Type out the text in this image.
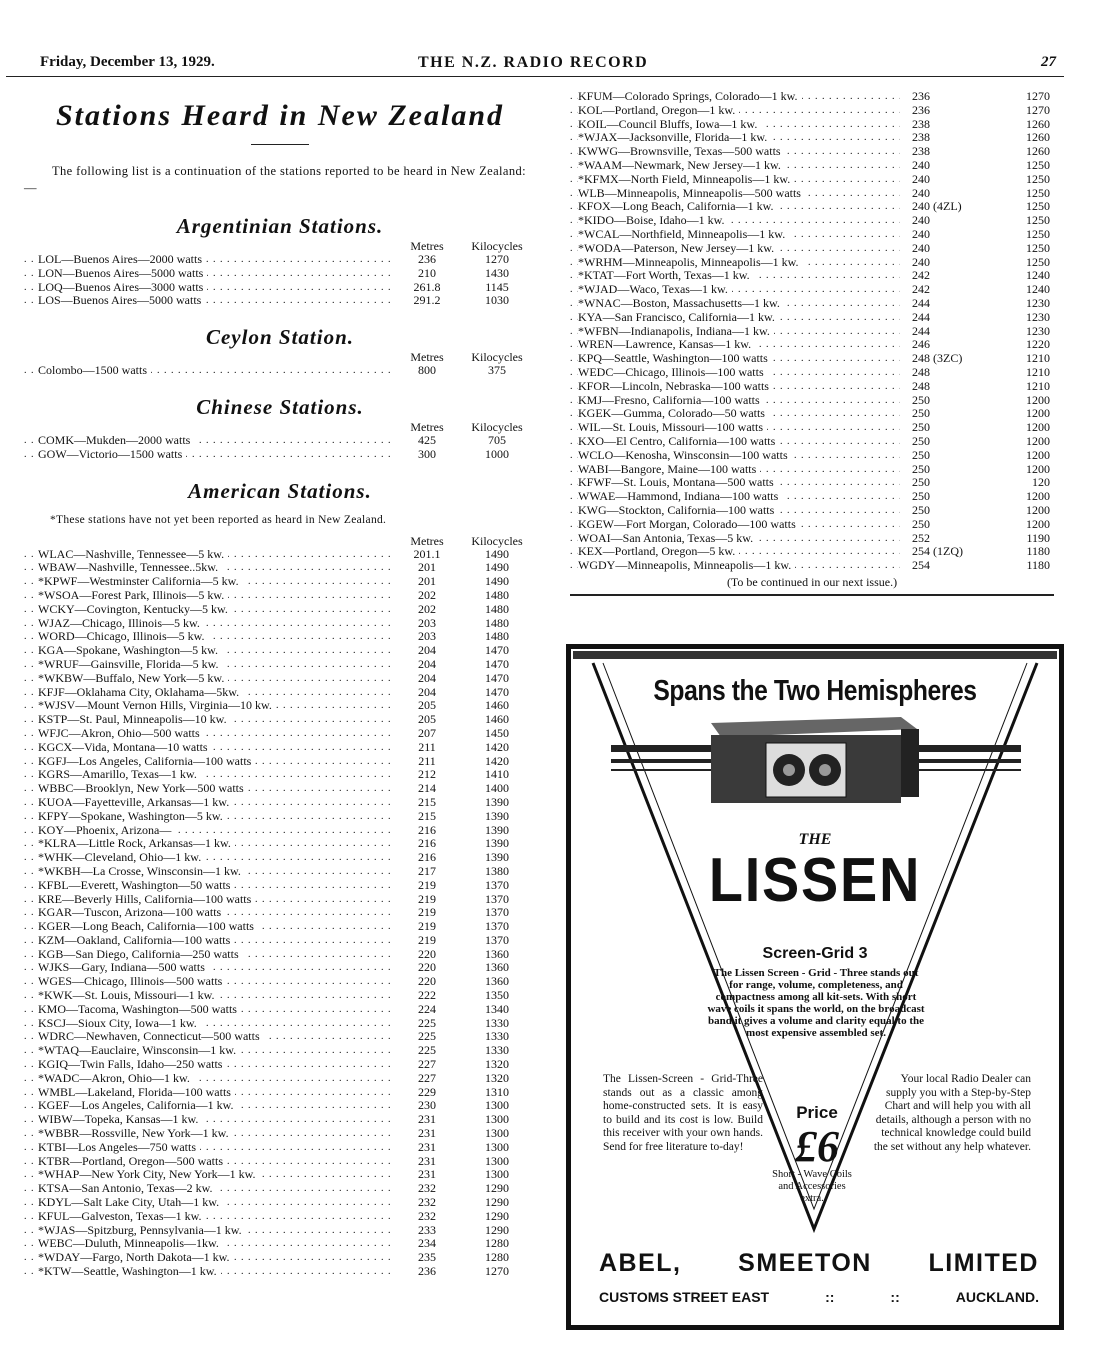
Friday, December 13, 1929.	THE N.Z. RADIO RECORD	27
Stations Heard in New Zealand
The following list is a continuation of the stations reported to be heard in New Zealand:—
Argentinian Stations.
Metres	Kilocycles
LOL—Buenos Aires—2000 watts . . .	236	1270
LON—Buenos Aires—5000 watts . . .	210	1430
LOQ—Buenos Aires—3000 watts . . .	261.8	1145
LOS—Buenos Aires—5000 watts . . .	291.2	1030
Ceylon Station.
Metres	Kilocycles
Colombo—1500 watts . . .	800	375
Chinese Stations.
Metres	Kilocycles
COMK—Mukden—2000 watts . . .	425	705
GOW—Victorio—1500 watts . . .	300	1000
American Stations.
*These stations have not yet been reported as heard in New Zealand.
Metres	Kilocycles
WLAC—Nashville, Tennessee—5 kw. . . .	201.1	1490
WBAW—Nashville, Tennessee..5kw. . . .	201	1490
*KPWF—Westminster California—5 kw. . . .	201	1490
*WSOA—Forest Park, Illinois—5 kw. . . .	202	1480
WCKY—Covington, Kentucky—5 kw. . . .	202	1480
WJAZ—Chicago, Illinois—5 kw. . . .	203	1480
WORD—Chicago, Illinois—5 kw. . . .	203	1480
KGA—Spokane, Washington—5 kw. . . .	204	1470
*WRUF—Gainsville, Florida—5 kw. . . .	204	1470
*WKBW—Buffalo, New York—5 kw. . . .	204	1470
KFJF—Oklahama City, Oklahama—5kw. . . .	204	1470
*WJSV—Mount Vernon Hills, Virginia—10 kw. . . .	205	1460
KSTP—St. Paul, Minneapolis—10 kw. . . .	205	1460
WFJC—Akron, Ohio—500 watts . . .	207	1450
KGCX—Vida, Montana—10 watts . . .	211	1420
KGFJ—Los Angeles, California—100 watts . . .	211	1420
KGRS—Amarillo, Texas—1 kw. . . .	212	1410
WBBC—Brooklyn, New York—500 watts . . .	214	1400
KUOA—Fayetteville, Arkansas—1 kw. . . .	215	1390
KFPY—Spokane, Washington—5 kw. . . .	215	1390
KOY—Phoenix, Arizona— . . .	216	1390
*KLRA—Little Rock, Arkansas—1 kw. . . .	216	1390
*WHK—Cleveland, Ohio—1 kw. . . .	216	1390
*WKBH—La Crosse, Winsconsin—1 kw. . . .	217	1380
KFBL—Everett, Washington—50 watts . . .	219	1370
KRE—Beverly Hills, California—100 watts . . .	219	1370
KGAR—Tuscon, Arizona—100 watts . . .	219	1370
KGER—Long Beach, California—100 watts . . .	219	1370
KZM—Oakland, California—100 watts . . .	219	1370
KGB—San Diego, California—250 watts . . .	220	1360
WJKS—Gary, Indiana—500 watts . . .	220	1360
WGES—Chicago, Illinois—500 watts . . .	220	1360
*KWK—St. Louis, Missouri—1 kw. . . .	222	1350
KMO—Tacoma, Washington—500 watts . . .	224	1340
KSCJ—Sioux City, Iowa—1 kw. . . .	225	1330
WDRC—Newhaven, Connecticut—500 watts . . .	225	1330
*WTAQ—Eauclaire, Winsconsin—1 kw. . . .	225	1330
KGIQ—Twin Falls, Idaho—250 watts . . .	227	1320
*WADC—Akron, Ohio—1 kw. . . .	227	1320
WMBL—Lakeland, Florida—100 watts . . .	229	1310
KGEF—Los Angeles, California—1 kw. . . .	230	1300
WIBW—Topeka, Kansas—1 kw. . . .	231	1300
*WBBR—Rossville, New York—1 kw. . . .	231	1300
KTBI—Los Angeles—750 watts . . .	231	1300
KTBR—Portland, Oregon—500 watts . . .	231	1300
*WHAP—New York City, New York—1 kw. . . .	231	1300
KTSA—San Antonio, Texas—2 kw. . . .	232	1290
KDYL—Salt Lake City, Utah—1 kw. . . .	232	1290
KFUL—Galveston, Texas—1 kw. . . .	232	1290
*WJAS—Spitzburg, Pennsylvania—1 kw. . . .	233	1290
WEBC—Duluth, Minneapolis—1kw. . . .	234	1280
*WDAY—Fargo, North Dakota—1 kw. . . .	235	1280
*KTW—Seattle, Washington—1 kw. . . .	236	1270
KFUM—Colorado Springs, Colorado—1 kw. . . .	236	1270
KOL—Portland, Oregon—1 kw. . . .	236	1270
KOIL—Council Bluffs, Iowa—1 kw. . . .	238	1260
*WJAX—Jacksonville, Florida—1 kw. . . .	238	1260
KWWG—Brownsville, Texas—500 watts . . .	238	1260
*WAAM—Newmark, New Jersey—1 kw. . . .	240	1250
*KFMX—North Field, Minneapolis—1 kw. . . .	240	1250
WLB—Minneapolis, Minneapolis—500 watts . . .	240	1250
KFOX—Long Beach, California—1 kw. . . .	240 (4ZL)	1250
*KIDO—Boise, Idaho—1 kw. . . .	240	1250
*WCAL—Northfield, Minneapolis—1 kw. . . .	240	1250
*WODA—Paterson, New Jersey—1 kw. . . .	240	1250
*WRHM—Minneapolis, Minneapolis—1 kw. . . .	240	1250
*KTAT—Fort Worth, Texas—1 kw. . . .	242	1240
*WJAD—Waco, Texas—1 kw. . . .	242	1240
*WNAC—Boston, Massachusetts—1 kw. . . .	244	1230
KYA—San Francisco, California—1 kw. . . .	244	1230
*WFBN—Indianapolis, Indiana—1 kw. . . .	244	1230
WREN—Lawrence, Kansas—1 kw. . . .	246	1220
KPQ—Seattle, Washington—100 watts . . .	248 (3ZC)	1210
WEDC—Chicago, Illinois—100 watts . . .	248	1210
KFOR—Lincoln, Nebraska—100 watts . . .	248	1210
KMJ—Fresno, California—100 watts . . .	250	1200
KGEK—Gumma, Colorado—50 watts . . .	250	1200
WIL—St. Louis, Missouri—100 watts . . .	250	1200
KXO—El Centro, California—100 watts . . .	250	1200
WCLO—Kenosha, Winsconsin—100 watts . . .	250	1200
WABI—Bangore, Maine—100 watts . . .	250	1200
KFWF—St. Louis, Montana—500 watts . . .	250	120
WWAE—Hammond, Indiana—100 watts . . .	250	1200
KWG—Stockton, California—100 watts . . .	250	1200
KGEW—Fort Morgan, Colorado—100 watts . . .	250	1200
WOAI—San Antonia, Texas—5 kw. . . .	252	1190
KEX—Portland, Oregon—5 kw. . . .	254 (1ZQ)	1180
WGDY—Minneapolis, Minneapolis—1 kw. . . .	254	1180
(To be continued in our next issue.)
Spans the Two Hemispheres
THE
LISSEN
Screen-Grid 3
The Lissen Screen - Grid - Three stands out for range, volume, completeness, and compactness among all kit-sets. With short wave coils it spans the world, on the broadcast band it gives a volume and clarity equal to the most expensive assembled set.
The Lissen-Screen - Grid-Three stands out as a classic among home-constructed sets. It is easy to build and its cost is low. Build this receiver with your own hands. Send for free literature to-day!
Price
£6
Short - Wave Coils and Accessories extra.
Your local Radio Dealer can supply you with a Step-by-Step Chart and will help you with all details, although a person with no technical knowledge could build the set without any help whatever.
ABEL, SMEETON LIMITED
CUSTOMS STREET EAST	::	::	AUCKLAND.
